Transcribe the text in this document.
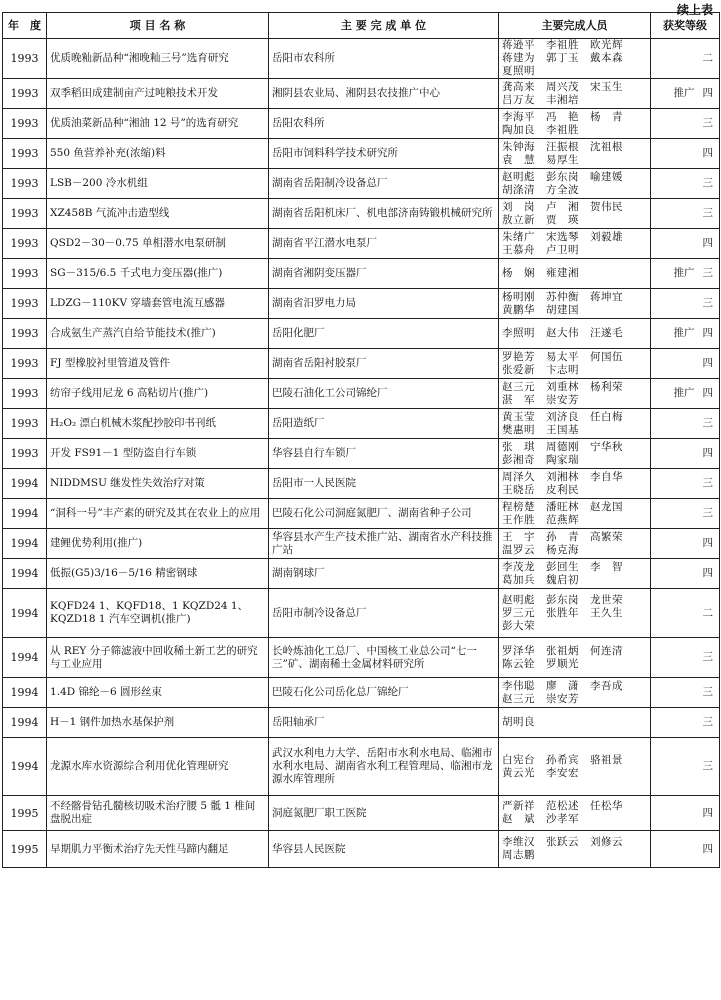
续上表
年　度	项 目 名 称	主 要 完 成 单 位	主要完成人员	获奖等级
1993	优质晚籼新品种“湘晚籼三号”选育研究	岳阳市农科所	蒋逊平　李祖胜　欧光辉
蒋建为　郭丁玉　戴本森
夏照明	二
1993	双季稻田成建制亩产过吨粮技术开发	湘阴县农业局、湘阴县农技推广中心	龚高来　周兴茂　宋玉生
吕万友　丰湘培	推广 四
1993	优质油菜新品种“湘油 12 号”的选育研究	岳阳农科所	李海平　冯　艳　杨　青
陶加良　李祖胜	三
1993	550 鱼营养补充(浓缩)料	岳阳市饲料科学技术研究所	朱钟海　汪振根　沈祖根
袁　慧　易厚生	四
1993	LSB－200 冷水机组	湖南省岳阳制冷设备总厂	赵明彪　彭东岗　喻建媛
胡涤清　方全波	三
1993	XZ458B 气流冲击造型线	湖南省岳阳机床厂、机电部济南铸锻机械研究所	刘　岗　卢　湘　贺伟民
敖立新　贾　瑛	三
1993	QSD2－30－0.75 单相潜水电泵研制	湖南省平江潜水电泵厂	朱绪广　宋选琴　刘毅雄
王慕舟　卢卫明	四
1993	SG－315/6.5 千式电力变压器(推广)	湖南省湘阴变压器厂	杨　娴　雍建湘	推广 三
1993	LDZG－110KV 穿墙套管电流互感器	湖南省汨罗电力局	杨明刚　苏仲衡　蒋坤宜
黄鹏华　胡建国	三
1993	合成氨生产蒸汽自给节能技术(推广)	岳阳化肥厂	李照明　赵大伟　汪遂毛	推广 四
1993	FJ 型橡胶衬里管道及管件	湖南省岳阳衬胶泵厂	罗艳芳　易太平　何国伍
张爱新　卞志明	四
1993	纺帘子线用尼龙 6 高粘切片(推广)	巴陵石油化工公司锦纶厂	赵三元　刘重林　杨利荣
湛　军　崇安芳	推广 四
1993	H₂O₂ 漂白机械木浆配抄胶印书刊纸	岳阳造纸厂	黄玉莹　刘济良　任白梅
樊惠明　王国基	三
1993	开发 FS91－1 型防盗自行车锁	华容县自行车锁厂	张　琪　周德刚　宁华秋
彭湘奇　陶家瑞	四
1994	NIDDMSU 继发性失效治疗对策	岳阳市一人民医院	周泽久　刘湘林　李自华
王晓岳　皮利民	三
1994	“洞科一号”丰产素的研究及其在农业上的应用	巴陵石化公司洞庭氮肥厂、湖南省种子公司	程榜楚　潘旺林　赵龙国
王作胜　范燕辉	三
1994	建鲤优势利用(推广)	华容县水产生产技术推广站、湖南省水产科技推广站	王　宇　孙　青　高繁荣
温罗云　杨克海	四
1994	低振(G5)3/16－5/16 精密钢球	湖南钢球厂	李茂龙　彭回生　李　智
葛加兵　魏启初	四
1994	KQFD24 1、KQFD18、1 KQZD24 1、KQZD18 1 汽车空调机(推广)	岳阳市制冷设备总厂	赵明彪　彭东岗　龙世荣
罗三元　张胜年　王久生
彭大荣	二
1994	从 REY 分子筛滤液中回收稀土新工艺的研究与工业应用	长岭炼油化工总厂、中国核工业总公司“七一三”矿、湖南稀土金属材料研究所	罗泽华　张祖炳　何连清
陈云铨　罗顺光	三
1994	1.4D 锦纶－6 圆形丝束	巴陵石化公司岳化总厂锦纶厂	李伟聪　廖　潇　李吾成
赵三元　崇安芳	三
1994	H－1 钢件加热水基保护剂	岳阳轴承厂	胡明良	三
1994	龙源水库水资源综合利用优化管理研究	武汉水利电力大学、岳阳市水利水电局、临湘市水利水电局、湖南省水利工程管理局、临湘市龙源水库管理所	白宪台　孙希宾　骆祖景
黄云光　李安宏	三
1995	不经髂骨钻孔髓核切吸术治疗腰 5 骶 1 椎间盘脱出症	洞庭氮肥厂职工医院	严新祥　范松述　任松华
赵　斌　沙孝军	四
1995	早期肌力平衡术治疗先天性马蹄内翻足	华容县人民医院	李维汉　张跃云　刘修云
周志鹏	四
